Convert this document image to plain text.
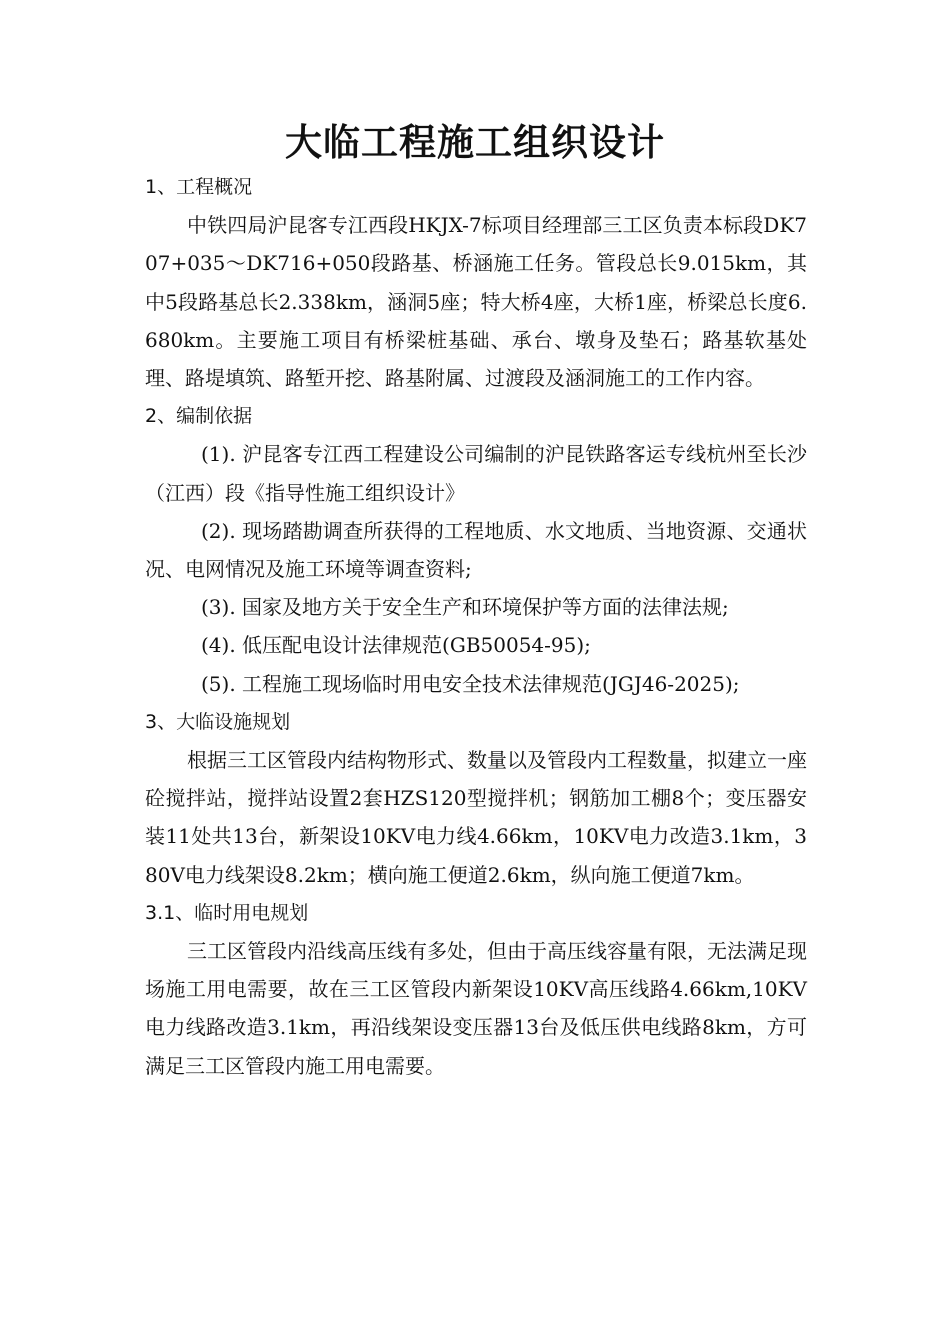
大临工程施工组织设计

1、工程概况

中铁四局沪昆客专江西段HKJX-7标项目经理部三工区负责本标段DK707+035～DK716+050段路基、桥涵施工任务。管段总长9.015km，其中5段路基总长2.338km，涵洞5座；特大桥4座，大桥1座，桥梁总长度6.680km。主要施工项目有桥梁桩基础、承台、墩身及垫石；路基软基处理、路堤填筑、路堑开挖、路基附属、过渡段及涵洞施工的工作内容。

2、编制依据

(1). 沪昆客专江西工程建设公司编制的沪昆铁路客运专线杭州至长沙（江西）段《指导性施工组织设计》

(2). 现场踏勘调查所获得的工程地质、水文地质、当地资源、交通状况、电网情况及施工环境等调查资料;

(3). 国家及地方关于安全生产和环境保护等方面的法律法规;

(4). 低压配电设计法律规范(GB50054-95);

(5). 工程施工现场临时用电安全技术法律规范(JGJ46-2025);

3、大临设施规划

根据三工区管段内结构物形式、数量以及管段内工程数量，拟建立一座砼搅拌站，搅拌站设置2套HZS120型搅拌机；钢筋加工棚8个；变压器安装11处共13台，新架设10KV电力线4.66km，10KV电力改造3.1km，380V电力线架设8.2km；横向施工便道2.6km，纵向施工便道7km。

3.1、临时用电规划

三工区管段内沿线高压线有多处，但由于高压线容量有限，无法满足现场施工用电需要，故在三工区管段内新架设10KV高压线路4.66km,10KV电力线路改造3.1km，再沿线架设变压器13台及低压供电线路8km，方可满足三工区管段内施工用电需要。
